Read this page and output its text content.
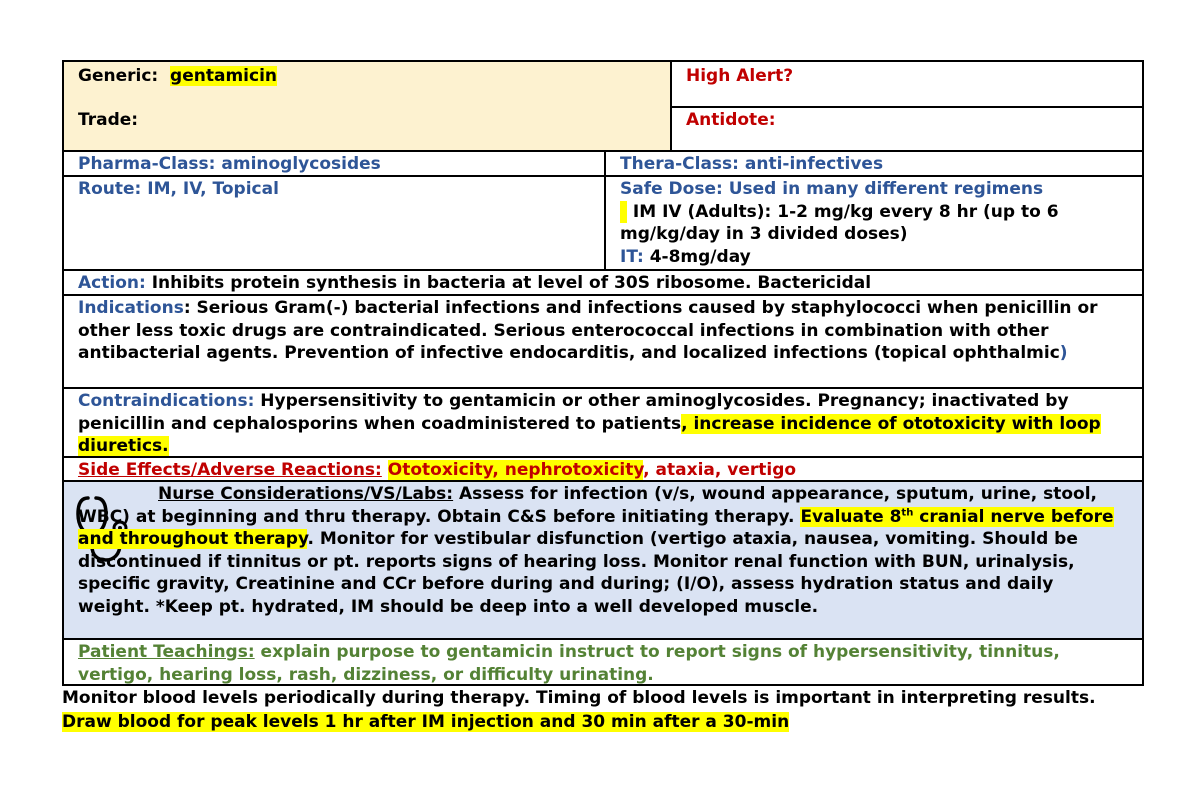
Generic: gentamicin	High Alert?
Trade:	Antidote:
Pharma-Class: aminoglycosides	Thera-Class: anti-infectives
Route: IM, IV, Topical	Safe Dose: Used in many different regimens
IM IV (Adults): 1-2 mg/kg every 8 hr (up to 6 mg/kg/day in 3 divided doses)
IT: 4-8mg/day
Action: Inhibits protein synthesis in bacteria at level of 30S ribosome. Bactericidal
Indications: Serious Gram(-) bacterial infections and infections caused by staphylococci when penicillin or other less toxic drugs are contraindicated. Serious enterococcal infections in combination with other antibacterial agents. Prevention of infective endocarditis, and localized infections (topical ophthalmic)
Contraindications: Hypersensitivity to gentamicin or other aminoglycosides. Pregnancy; inactivated by penicillin and cephalosporins when coadministered to patients, increase incidence of ototoxicity with loop diuretics.
Side Effects/Adverse Reactions: Ototoxicity, nephrotoxicity, ataxia, vertigo
Nurse Considerations/VS/Labs: Assess for infection (v/s, wound appearance, sputum, urine, stool, WBC) at beginning and thru therapy. Obtain C&S before initiating therapy. Evaluate 8th cranial nerve before and throughout therapy. Monitor for vestibular disfunction (vertigo ataxia, nausea, vomiting. Should be discontinued if tinnitus or pt. reports signs of hearing loss. Monitor renal function with BUN, urinalysis, specific gravity, Creatinine and CCr before during and during; (I/O), assess hydration status and daily weight. *Keep pt. hydrated, IM should be deep into a well developed muscle.
Patient Teachings: explain purpose to gentamicin instruct to report signs of hypersensitivity, tinnitus, vertigo, hearing loss, rash, dizziness, or difficulty urinating.
Monitor blood levels periodically during therapy. Timing of blood levels is important in interpreting results. Draw blood for peak levels 1 hr after IM injection and 30 min after a 30-min
